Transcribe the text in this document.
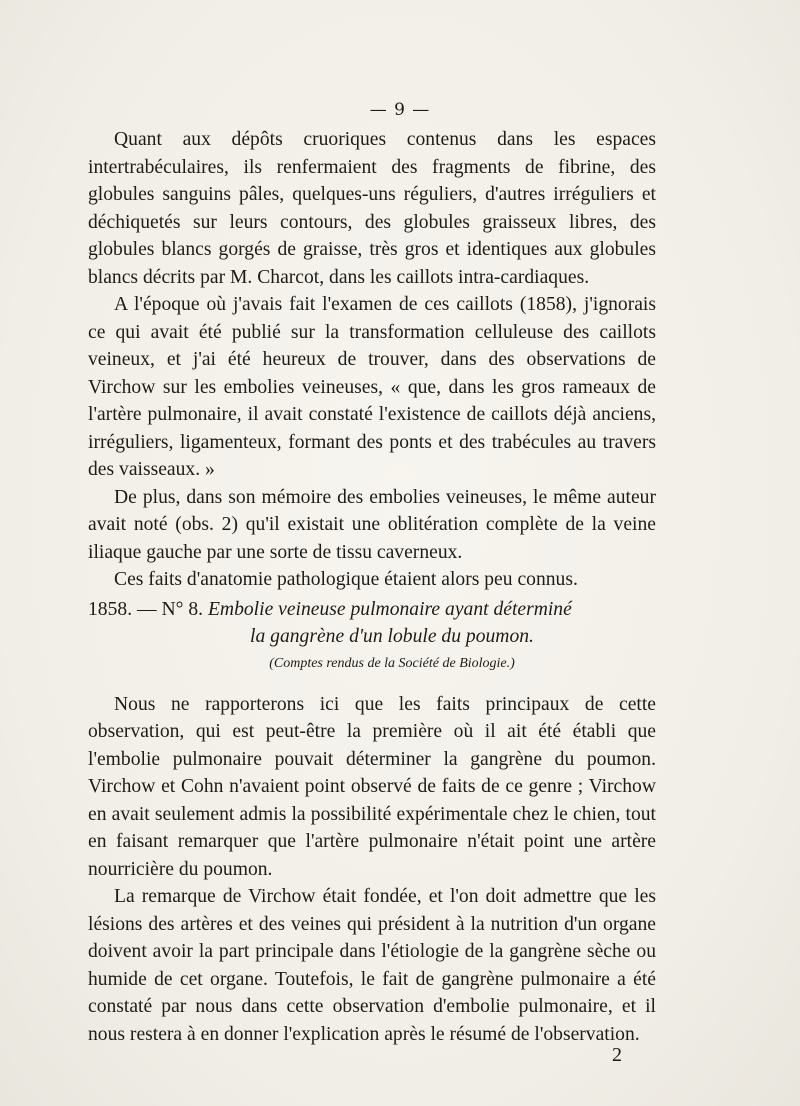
— 9 —

Quant aux dépôts cruoriques contenus dans les espaces intertrabéculaires, ils renfermaient des fragments de fibrine, des globules sanguins pâles, quelques-uns réguliers, d'autres irréguliers et déchiquetés sur leurs contours, des globules graisseux libres, des globules blancs gorgés de graisse, très gros et identiques aux globules blancs décrits par M. Charcot, dans les caillots intra-cardiaques.

A l'époque où j'avais fait l'examen de ces caillots (1858), j'ignorais ce qui avait été publié sur la transformation celluleuse des caillots veineux, et j'ai été heureux de trouver, dans des observations de Virchow sur les embolies veineuses, « que, dans les gros rameaux de l'artère pulmonaire, il avait constaté l'existence de caillots déjà anciens, irréguliers, ligamenteux, formant des ponts et des trabécules au travers des vaisseaux. »

De plus, dans son mémoire des embolies veineuses, le même auteur avait noté (obs. 2) qu'il existait une oblitération complète de la veine iliaque gauche par une sorte de tissu caverneux.

Ces faits d'anatomie pathologique étaient alors peu connus.

1858. — N° 8. Embolie veineuse pulmonaire ayant déterminé
la gangrène d'un lobule du poumon.
(Comptes rendus de la Société de Biologie.)

Nous ne rapporterons ici que les faits principaux de cette observation, qui est peut-être la première où il ait été établi que l'embolie pulmonaire pouvait déterminer la gangrène du poumon. Virchow et Cohn n'avaient point observé de faits de ce genre ; Virchow en avait seulement admis la possibilité expérimentale chez le chien, tout en faisant remarquer que l'artère pulmonaire n'était point une artère nourricière du poumon.

La remarque de Virchow était fondée, et l'on doit admettre que les lésions des artères et des veines qui président à la nutrition d'un organe doivent avoir la part principale dans l'étiologie de la gangrène sèche ou humide de cet organe. Toutefois, le fait de gangrène pulmonaire a été constaté par nous dans cette observation d'embolie pulmonaire, et il nous restera à en donner l'explication après le résumé de l'observation.

2
